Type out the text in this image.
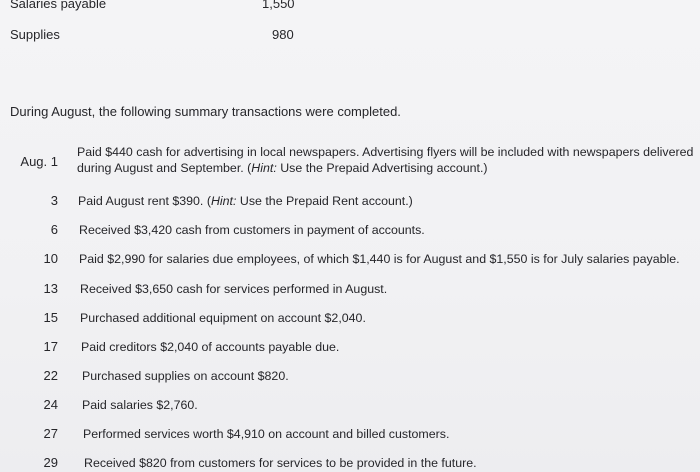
Salaries payable	1,550
Supplies	980
During August, the following summary transactions were completed.
Aug. 1
Paid $440 cash for advertising in local newspapers. Advertising flyers will be included with newspapers delivered
during August and September. (Hint: Use the Prepaid Advertising account.)
3 Paid August rent $390. (Hint: Use the Prepaid Rent account.)
6 Received $3,420 cash from customers in payment of accounts.
10 Paid $2,990 for salaries due employees, of which $1,440 is for August and $1,550 is for July salaries payable.
13 Received $3,650 cash for services performed in August.
15 Purchased additional equipment on account $2,040.
17 Paid creditors $2,040 of accounts payable due.
22 Purchased supplies on account $820.
24 Paid salaries $2,760.
27 Performed services worth $4,910 on account and billed customers.
29 Received $820 from customers for services to be provided in the future.
